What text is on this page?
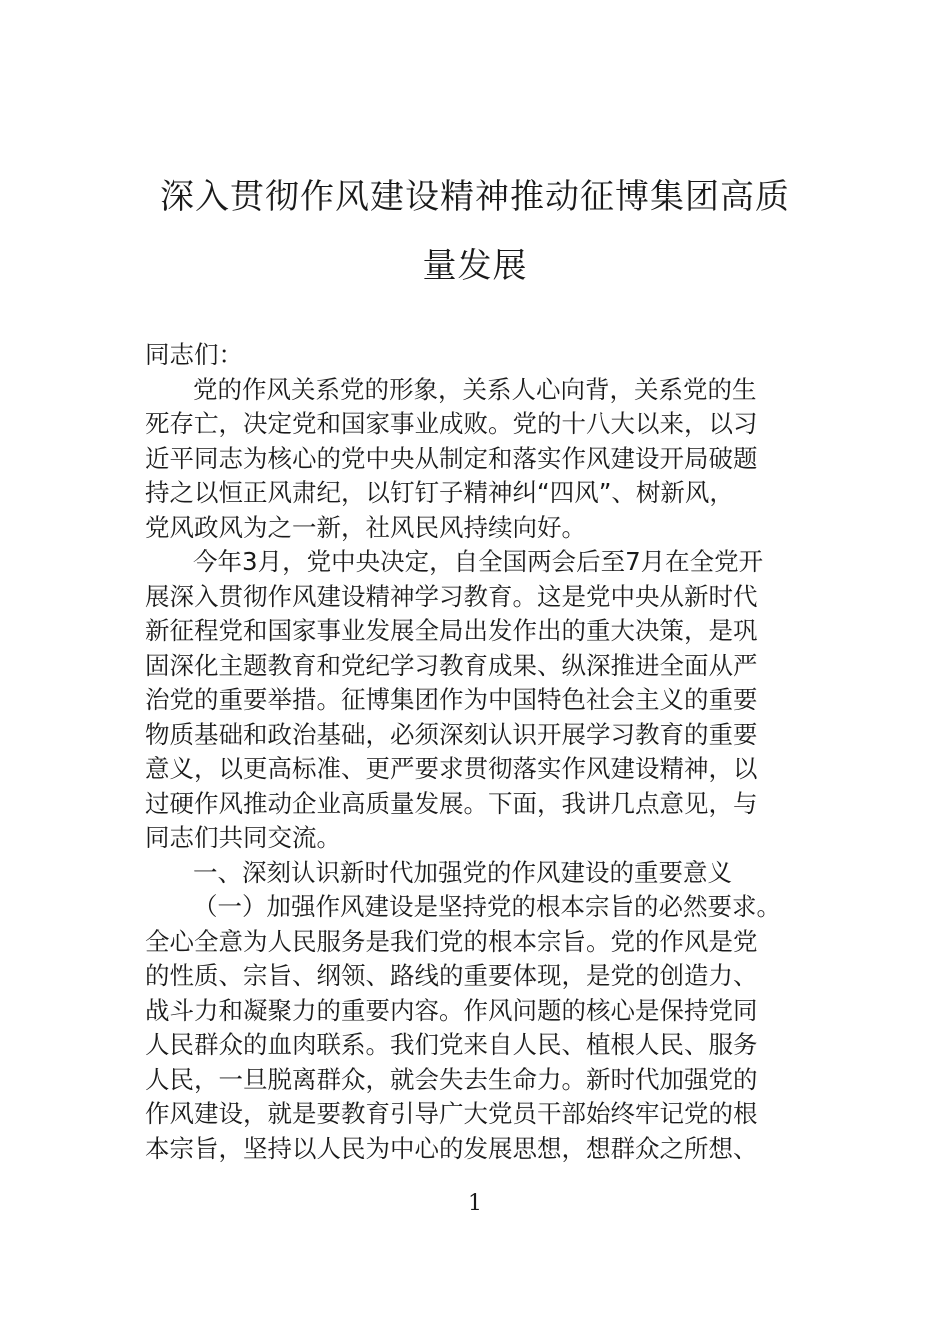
深入贯彻作风建设精神推动征博集团高质
量发展
同志们：
党的作风关系党的形象，关系人心向背，关系党的生
死存亡，决定党和国家事业成败。党的十八大以来，以习
近平同志为核心的党中央从制定和落实作风建设开局破题
持之以恒正风肃纪，以钉钉子精神纠“四风”、树新风，
党风政风为之一新，社风民风持续向好。
今年3月，党中央决定，自全国两会后至7月在全党开
展深入贯彻作风建设精神学习教育。这是党中央从新时代
新征程党和国家事业发展全局出发作出的重大决策，是巩
固深化主题教育和党纪学习教育成果、纵深推进全面从严
治党的重要举措。征博集团作为中国特色社会主义的重要
物质基础和政治基础，必须深刻认识开展学习教育的重要
意义，以更高标准、更严要求贯彻落实作风建设精神，以
过硬作风推动企业高质量发展。下面，我讲几点意见，与
同志们共同交流。
一、深刻认识新时代加强党的作风建设的重要意义
（一）加强作风建设是坚持党的根本宗旨的必然要求。
全心全意为人民服务是我们党的根本宗旨。党的作风是党
的性质、宗旨、纲领、路线的重要体现，是党的创造力、
战斗力和凝聚力的重要内容。作风问题的核心是保持党同
人民群众的血肉联系。我们党来自人民、植根人民、服务
人民，一旦脱离群众，就会失去生命力。新时代加强党的
作风建设，就是要教育引导广大党员干部始终牢记党的根
本宗旨，坚持以人民为中心的发展思想，想群众之所想、
1
